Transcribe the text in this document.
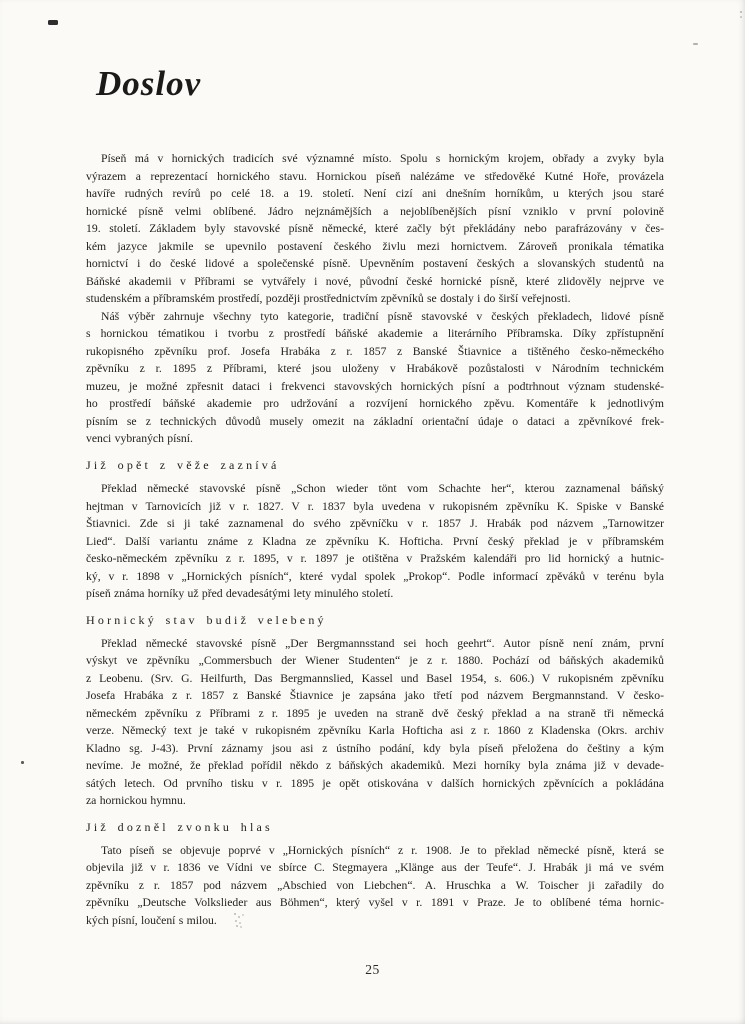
Doslov
Píseň má v hornických tradicích své významné místo. Spolu s hornickým krojem, obřady a zvyky byla
výrazem a reprezentací hornického stavu. Hornickou píseň nalézáme ve středověké Kutné Hoře, provázela
havíře rudných revírů po celé 18. a 19. století. Není cizí ani dnešním horníkům, u kterých jsou staré
hornické písně velmi oblíbené. Jádro nejznámějších a nejoblíbenějších písní vzniklo v první polovině
19. století. Základem byly stavovské písně německé, které začly být překládány nebo parafrázovány v čes-
kém jazyce jakmile se upevnilo postavení českého živlu mezi hornictvem. Zároveň pronikala tématika
hornictví i do české lidové a společenské písně. Upevněním postavení českých a slovanských studentů na
Báňské akademii v Příbrami se vytvářely i nové, původní české hornické písně, které zlidověly nejprve ve
studenském a příbramském prostředí, později prostřednictvím zpěvníků se dostaly i do širší veřejnosti.
Náš výběr zahrnuje všechny tyto kategorie, tradiční písně stavovské v českých překladech, lidové písně
s hornickou tématikou i tvorbu z prostředí báňské akademie a literárního Příbramska. Díky zpřístupnění
rukopisného zpěvníku prof. Josefa Hrabáka z r. 1857 z Banské Štiavnice a tištěného česko-německého
zpěvníku z r. 1895 z Příbrami, které jsou uloženy v Hrabákově pozůstalosti v Národním technickém
muzeu, je možné zpřesnit dataci i frekvenci stavovských hornických písní a podtrhnout význam studenské-
ho prostředí báňské akademie pro udržování a rozvíjení hornického zpěvu. Komentáře k jednotlivým
písním se z technických důvodů musely omezit na základní orientační údaje o dataci a zpěvníkové frek-
venci vybraných písní.
Již opět z věže zaznívá
Překlad německé stavovské písně „Schon wieder tönt vom Schachte her“, kterou zaznamenal báňský
hejtman v Tarnovicích již v r. 1827. V r. 1837 byla uvedena v rukopisném zpěvníku K. Spiske v Banské
Štiavnici. Zde si ji také zaznamenal do svého zpěvníčku v r. 1857 J. Hrabák pod názvem „Tarnowitzer
Lied“. Další variantu známe z Kladna ze zpěvníku K. Hofticha. První český překlad je v příbramském
česko-německém zpěvníku z r. 1895, v r. 1897 je otištěna v Pražském kalendáři pro lid hornický a hutnic-
ký, v r. 1898 v „Hornických písních“, které vydal spolek „Prokop“. Podle informací zpěváků v terénu byla
píseň známa horníky už před devadesátými lety minulého století.
Hornický stav budiž velebený
Překlad německé stavovské písně „Der Bergmannsstand sei hoch geehrt“. Autor písně není znám, první
výskyt ve zpěvníku „Commersbuch der Wiener Studenten“ je z r. 1880. Pochází od báňských akademiků
z Leobenu. (Srv. G. Heilfurth, Das Bergmannslied, Kassel und Basel 1954, s. 606.) V rukopisném zpěvníku
Josefa Hrabáka z r. 1857 z Banské Štiavnice je zapsána jako třetí pod názvem Bergmannstand. V česko-
německém zpěvníku z Příbrami z r. 1895 je uveden na straně dvě český překlad a na straně tři německá
verze. Německý text je také v rukopisném zpěvníku Karla Hofticha asi z r. 1860 z Kladenska (Okrs. archiv
Kladno sg. J-43). První záznamy jsou asi z ústního podání, kdy byla píseň přeložena do češtiny a kým
nevíme. Je možné, že překlad pořídil někdo z báňských akademiků. Mezi horníky byla známa již v devade-
sátých letech. Od prvního tisku v r. 1895 je opět otiskována v dalších hornických zpěvnících a pokládána
za hornickou hymnu.
Již dozněl zvonku hlas
Tato píseň se objevuje poprvé v „Hornických písních“ z r. 1908. Je to překlad německé písně, která se
objevila již v r. 1836 ve Vídni ve sbírce C. Stegmayera „Klänge aus der Teufe“. J. Hrabák ji má ve svém
zpěvníku z r. 1857 pod názvem „Abschied von Liebchen“. A. Hruschka a W. Toischer ji zařadily do
zpěvníku „Deutsche Volkslieder aus Böhmen“, který vyšel v r. 1891 v Praze. Je to oblíbené téma hornic-
kých písní, loučení s milou.
25
